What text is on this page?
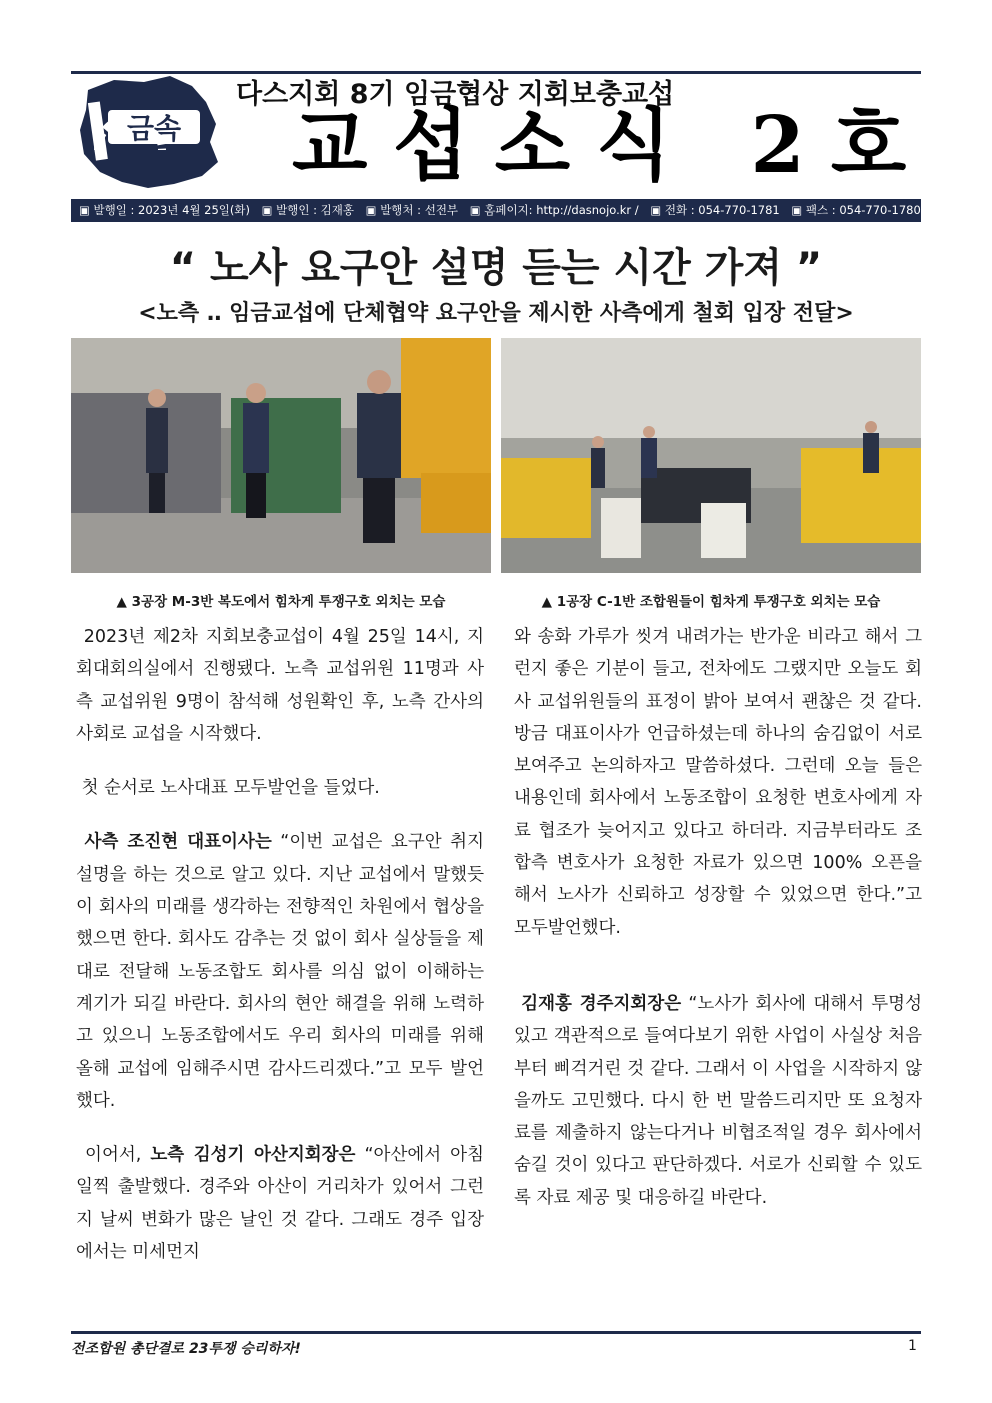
금속
다스지회 8기 임금협상 지회보충교섭
교섭소식 2호
▣ 발행일 : 2023년 4월 25일(화) ▣ 발행인 : 김재홍 ▣ 발행처 : 선전부 ▣ 홈페이지: http://dasnojo.kr / ▣ 전화 : 054-770-1781 ▣ 팩스 : 054-770-1780
“ 노사 요구안 설명 듣는 시간 가져 ”
<노측 ‥ 임금교섭에 단체협약 요구안을 제시한 사측에게 철회 입장 전달>
▲ 3공장 M-3반 복도에서 힘차게 투쟁구호 외치는 모습	▲ 1공장 C-1반 조합원들이 힘차게 투쟁구호 외치는 모습

2023년 제2차 지회보충교섭이 4월 25일 14시, 지회대회의실에서 진행됐다. 노측 교섭위원 11명과 사측 교섭위원 9명이 참석해 성원확인 후, 노측 간사의 사회로 교섭을 시작했다.

첫 순서로 노사대표 모두발언을 들었다.

사측 조진현 대표이사는 “이번 교섭은 요구안 취지 설명을 하는 것으로 알고 있다. 지난 교섭에서 말했듯이 회사의 미래를 생각하는 전향적인 차원에서 협상을 했으면 한다. 회사도 감추는 것 없이 회사 실상들을 제대로 전달해 노동조합도 회사를 의심 없이 이해하는 계기가 되길 바란다. 회사의 현안 해결을 위해 노력하고 있으니 노동조합에서도 우리 회사의 미래를 위해 올해 교섭에 임해주시면 감사드리겠다.”고 모두 발언했다.

이어서, 노측 김성기 아산지회장은 “아산에서 아침 일찍 출발했다. 경주와 아산이 거리차가 있어서 그런지 날씨 변화가 많은 날인 것 같다. 그래도 경주 입장에서는 미세먼지

와 송화 가루가 씻겨 내려가는 반가운 비라고 해서 그런지 좋은 기분이 들고, 전차에도 그랬지만 오늘도 회사 교섭위원들의 표정이 밝아 보여서 괜찮은 것 같다. 방금 대표이사가 언급하셨는데 하나의 숨김없이 서로 보여주고 논의하자고 말씀하셨다. 그런데 오늘 들은 내용인데 회사에서 노동조합이 요청한 변호사에게 자료 협조가 늦어지고 있다고 하더라. 지금부터라도 조합측 변호사가 요청한 자료가 있으면 100% 오픈을 해서 노사가 신뢰하고 성장할 수 있었으면 한다.”고 모두발언했다.

김재홍 경주지회장은 “노사가 회사에 대해서 투명성 있고 객관적으로 들여다보기 위한 사업이 사실상 처음부터 삐걱거린 것 같다. 그래서 이 사업을 시작하지 않을까도 고민했다. 다시 한 번 말씀드리지만 또 요청자료를 제출하지 않는다거나 비협조적일 경우 회사에서 숨길 것이 있다고 판단하겠다. 서로가 신뢰할 수 있도록 자료 제공 및 대응하길 바란다.

전조합원 총단결로 23투쟁 승리하자!	1
